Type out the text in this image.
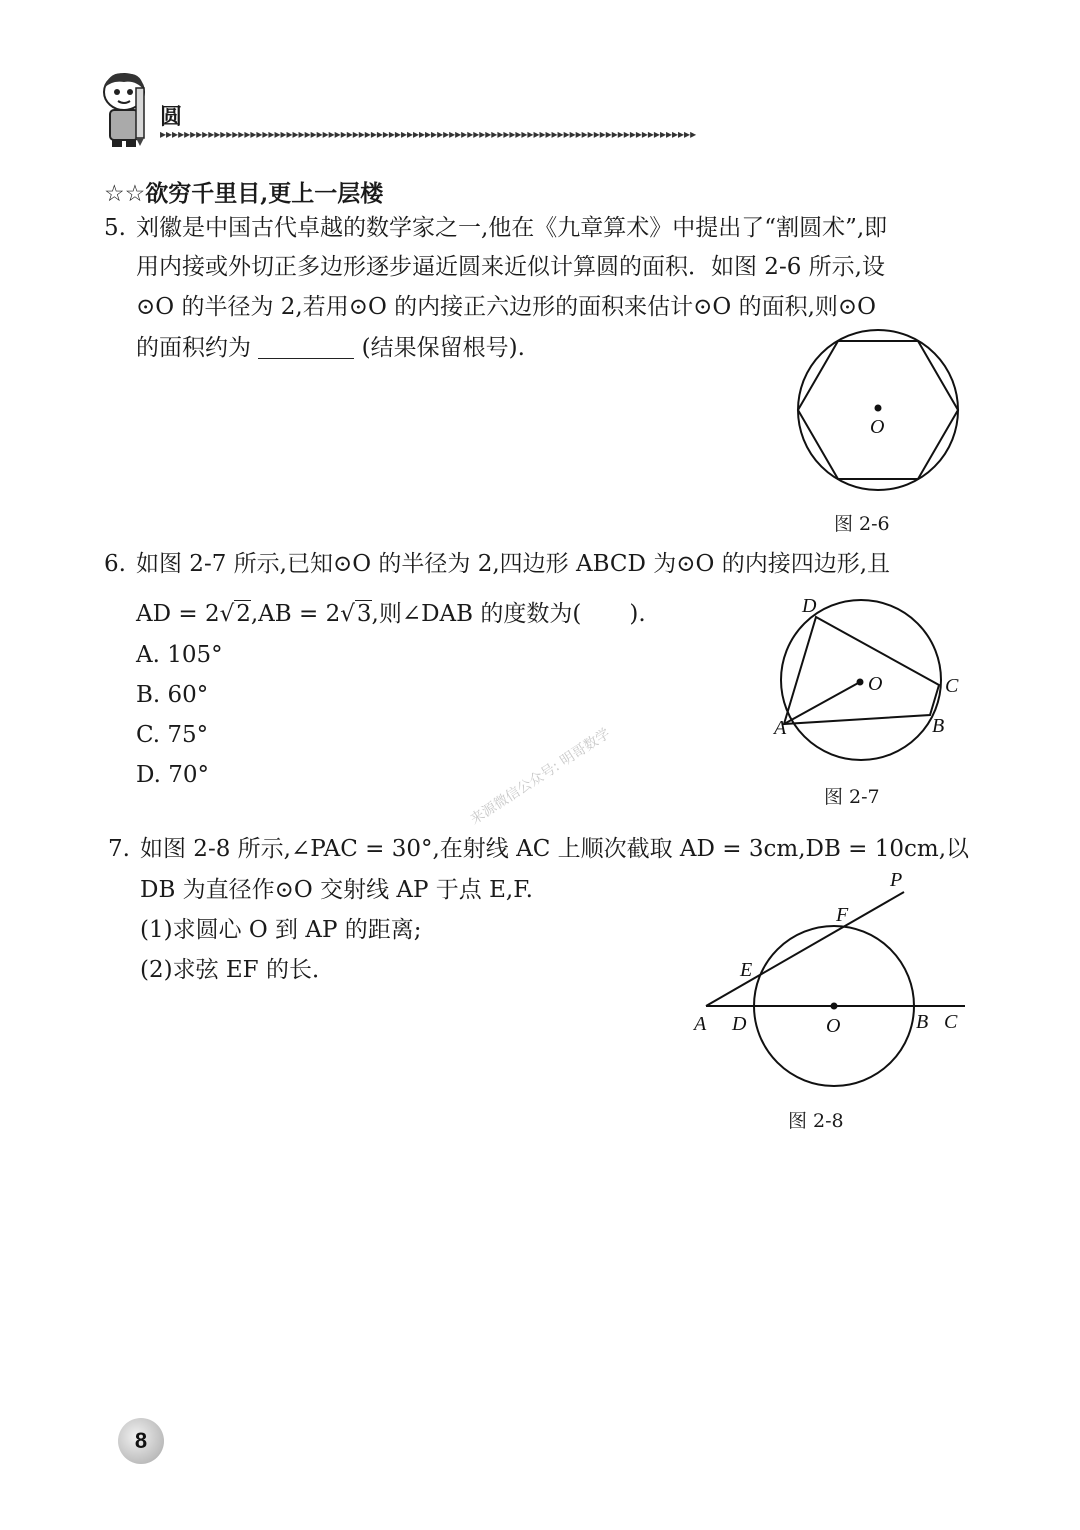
圆
▸▸▸▸▸▸▸▸▸▸▸▸▸▸▸▸▸▸▸▸▸▸▸▸▸▸▸▸▸▸▸▸▸▸▸▸▸▸▸▸▸▸▸▸▸▸▸▸▸▸▸▸▸▸▸▸▸▸▸▸▸▸▸▸▸▸▸▸▸▸▸▸▸▸▸▸▸▸▸▸▸▸▸▸▸▸▸▸▸
☆☆欲穷千里目,更上一层楼
5. 刘徽是中国古代卓越的数学家之一,他在《九章算术》中提出了“割圆术”,即
用内接或外切正多边形逐步逼近圆来近似计算圆的面积．如图 2-6 所示,设
⊙O 的半径为 2,若用⊙O 的内接正六边形的面积来估计⊙O 的面积,则⊙O
的面积约为	(结果保留根号).
O
图 2-6
6. 如图 2-7 所示,已知⊙O 的半径为 2,四边形 ABCD 为⊙O 的内接四边形,且
AD = 2√2,AB = 2√3,则∠DAB 的度数为( ).
A. 105°
B. 60°
C. 75°
D. 70°
D
O	C
B
A
图 2-7
来源微信公众号: 明哥数学
7. 如图 2-8 所示,∠PAC = 30°,在射线 AC 上顺次截取 AD = 3cm,DB = 10cm,以
DB 为直径作⊙O 交射线 AP 于点 E,F.
(1)求圆心 O 到 AP 的距离;
(2)求弦 EF 的长．
P
F
E
A D	O	B C
图 2-8
8
